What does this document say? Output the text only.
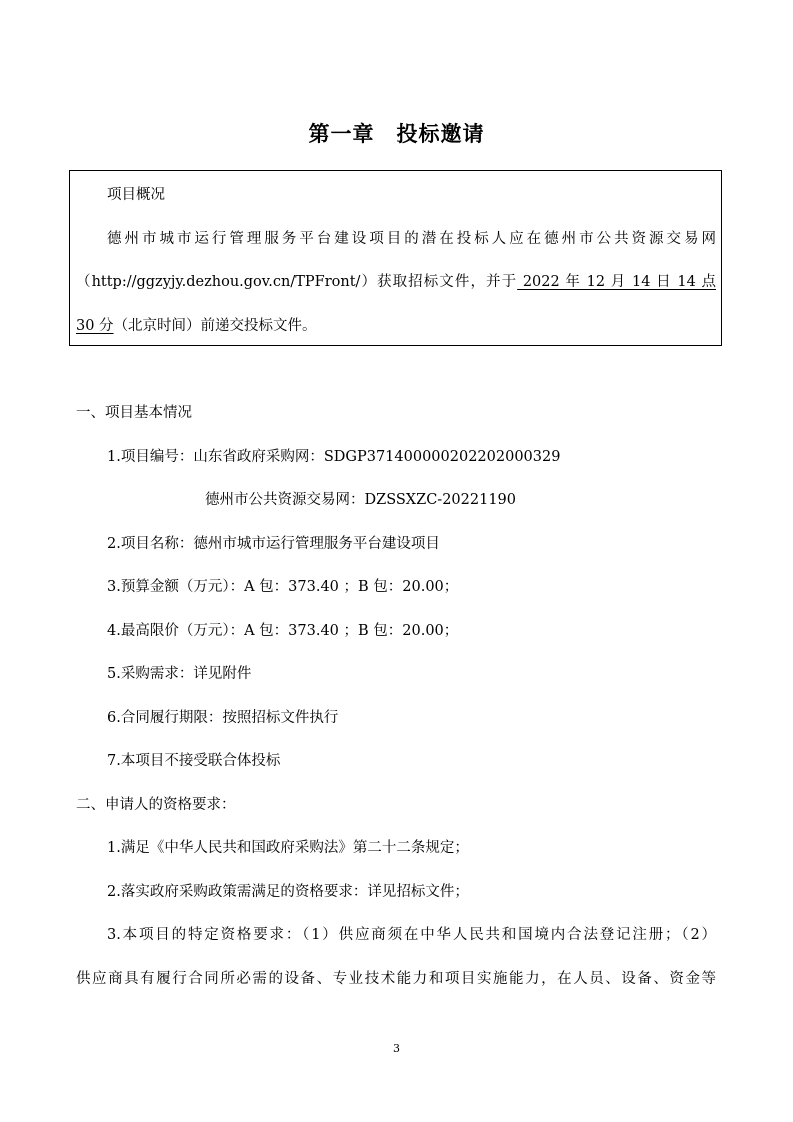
第一章　投标邀请
项目概况
德州市城市运行管理服务平台建设项目的潜在投标人应在德州市公共资源交易网
（http://ggzyjy.dezhou.gov.cn/TPFront/）获取招标文件，并于 2022 年 12 月 14 日 14 点
30 分（北京时间）前递交投标文件。
一、项目基本情况
1.项目编号：山东省政府采购网：SDGP371400000202202000329
德州市公共资源交易网：DZSSXZC-20221190
2.项目名称：德州市城市运行管理服务平台建设项目
3.预算金额（万元）：A 包：373.40 ；B 包：20.00；
4.最高限价（万元）：A 包：373.40 ；B 包：20.00；
5.采购需求：详见附件
6.合同履行期限：按照招标文件执行
7.本项目不接受联合体投标
二、申请人的资格要求：
1.满足《中华人民共和国政府采购法》第二十二条规定；
2.落实政府采购政策需满足的资格要求：详见招标文件；
3.本项目的特定资格要求：（1）供应商须在中华人民共和国境内合法登记注册；（2）
供应商具有履行合同所必需的设备、专业技术能力和项目实施能力，在人员、设备、资金等
3
